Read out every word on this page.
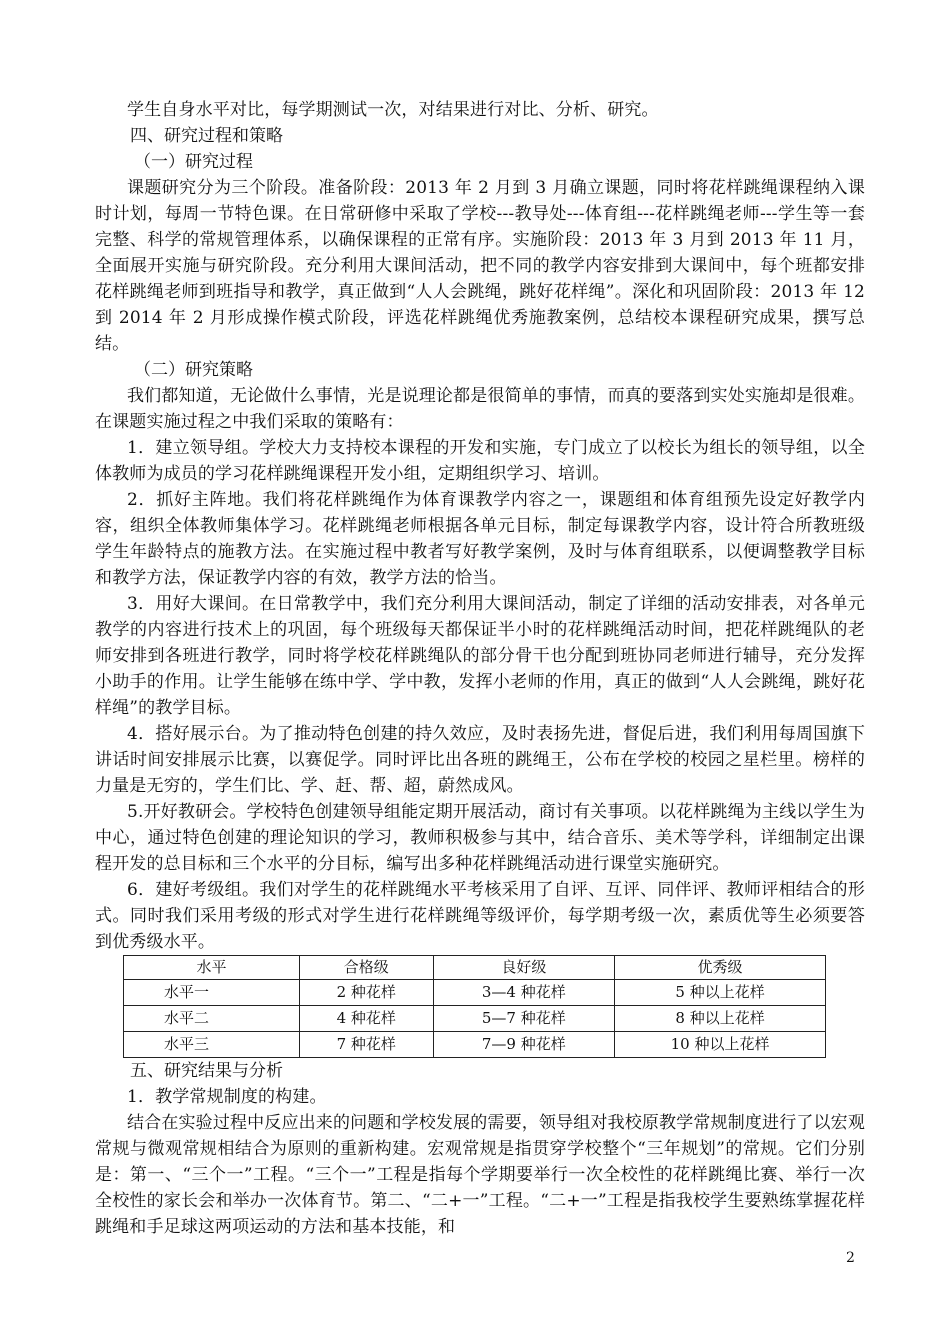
学生自身水平对比，每学期测试一次，对结果进行对比、分析、研究。

四、研究过程和策略

（一）研究过程

课题研究分为三个阶段。准备阶段：2013 年 2 月到 3 月确立课题，同时将花样跳绳课程纳入课时计划，每周一节特色课。在日常研修中采取了学校---教导处---体育组---花样跳绳老师---学生等一套完整、科学的常规管理体系，以确保课程的正常有序。实施阶段：2013 年 3 月到 2013 年 11 月，全面展开实施与研究阶段。充分利用大课间活动，把不同的教学内容安排到大课间中，每个班都安排花样跳绳老师到班指导和教学，真正做到“人人会跳绳，跳好花样绳”。深化和巩固阶段：2013 年 12 到 2014 年 2 月形成操作模式阶段，评选花样跳绳优秀施教案例，总结校本课程研究成果，撰写总结。

（二）研究策略

我们都知道，无论做什么事情，光是说理论都是很简单的事情，而真的要落到实处实施却是很难。在课题实施过程之中我们采取的策略有：

1．建立领导组。学校大力支持校本课程的开发和实施，专门成立了以校长为组长的领导组，以全体教师为成员的学习花样跳绳课程开发小组，定期组织学习、培训。

2．抓好主阵地。我们将花样跳绳作为体育课教学内容之一，课题组和体育组预先设定好教学内容，组织全体教师集体学习。花样跳绳老师根据各单元目标，制定每课教学内容，设计符合所教班级学生年龄特点的施教方法。在实施过程中教者写好教学案例，及时与体育组联系，以便调整教学目标和教学方法，保证教学内容的有效，教学方法的恰当。

3．用好大课间。在日常教学中，我们充分利用大课间活动，制定了详细的活动安排表，对各单元教学的内容进行技术上的巩固，每个班级每天都保证半小时的花样跳绳活动时间，把花样跳绳队的老师安排到各班进行教学，同时将学校花样跳绳队的部分骨干也分配到班协同老师进行辅导，充分发挥小助手的作用。让学生能够在练中学、学中教，发挥小老师的作用，真正的做到“人人会跳绳，跳好花样绳”的教学目标。

4．搭好展示台。为了推动特色创建的持久效应，及时表扬先进，督促后进，我们利用每周国旗下讲话时间安排展示比赛，以赛促学。同时评比出各班的跳绳王，公布在学校的校园之星栏里。榜样的力量是无穷的，学生们比、学、赶、帮、超，蔚然成风。

5.开好教研会。学校特色创建领导组能定期开展活动，商讨有关事项。以花样跳绳为主线以学生为中心，通过特色创建的理论知识的学习，教师积极参与其中，结合音乐、美术等学科，详细制定出课程开发的总目标和三个水平的分目标，编写出多种花样跳绳活动进行课堂实施研究。

6．建好考级组。我们对学生的花样跳绳水平考核采用了自评、互评、同伴评、教师评相结合的形式。同时我们采用考级的形式对学生进行花样跳绳等级评价，每学期考级一次，素质优等生必须要答到优秀级水平。

水平	合格级	良好级	优秀级
水平一	2 种花样	3—4 种花样	5 种以上花样
水平二	4 种花样	5—7 种花样	8 种以上花样
水平三	7 种花样	7—9 种花样	10 种以上花样

五、研究结果与分析

1．教学常规制度的构建。

结合在实验过程中反应出来的问题和学校发展的需要，领导组对我校原教学常规制度进行了以宏观常规与微观常规相结合为原则的重新构建。宏观常规是指贯穿学校整个“三年规划”的常规。它们分别是：第一、“三个一”工程。“三个一”工程是指每个学期要举行一次全校性的花样跳绳比赛、举行一次全校性的家长会和举办一次体育节。第二、“二+一”工程。“二+一”工程是指我校学生要熟练掌握花样跳绳和手足球这两项运动的方法和基本技能，和

2
